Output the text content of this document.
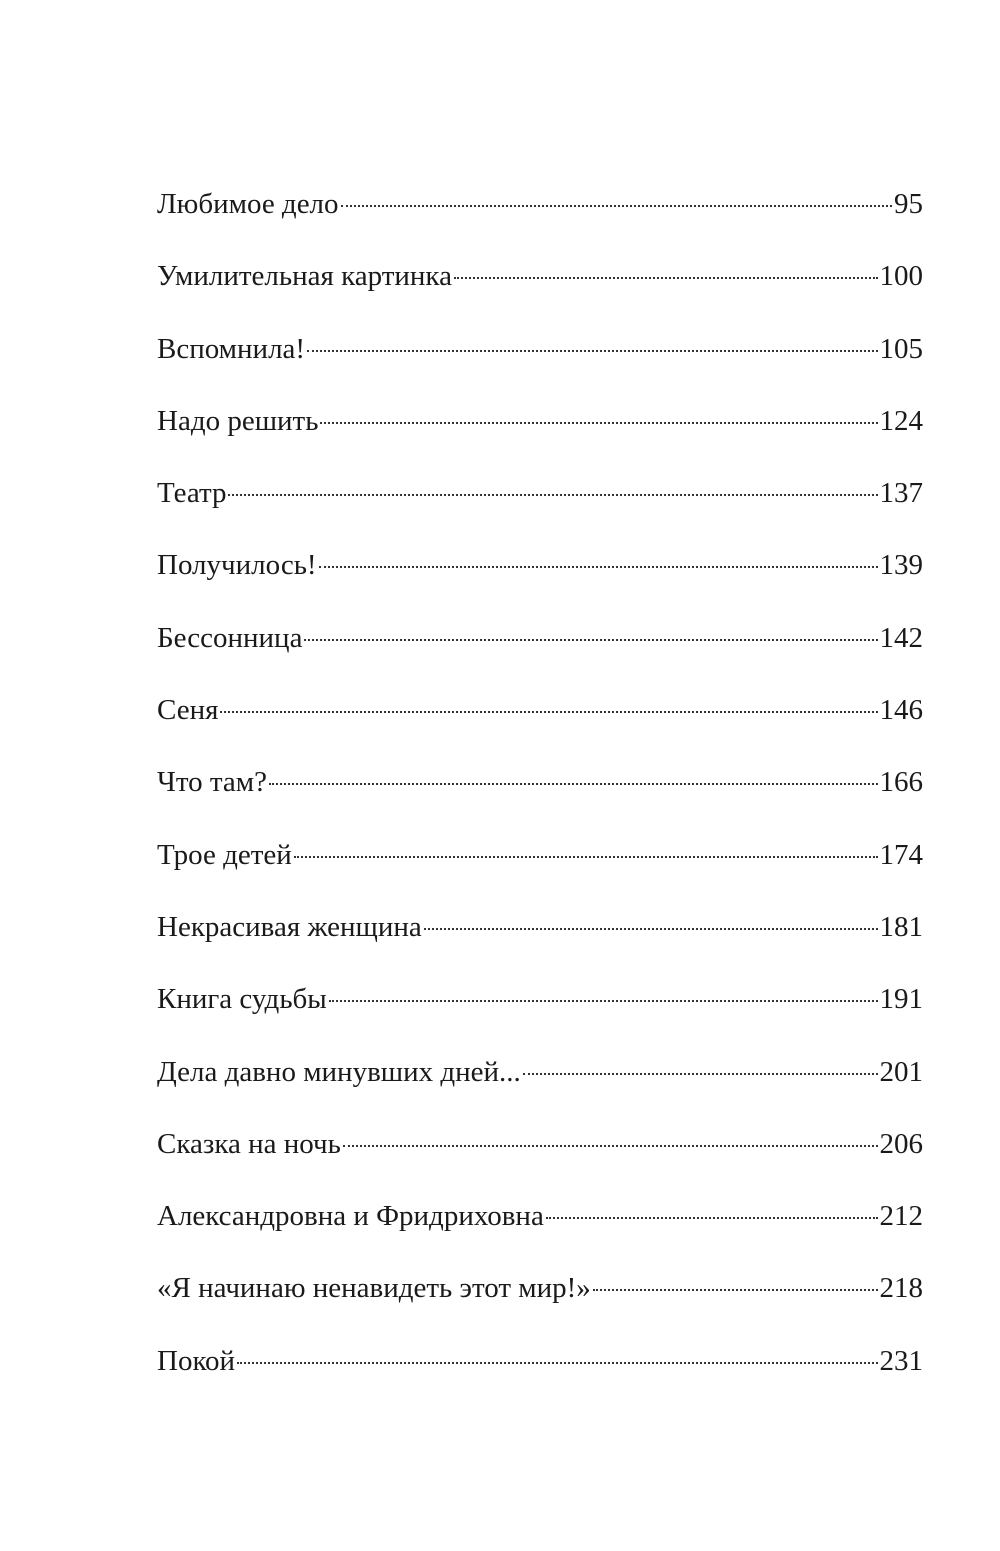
Любимое дело	95
Умилительная картинка	100
Вспомнила!	105
Надо решить	124
Театр	137
Получилось!	139
Бессонница	142
Сеня	146
Что там?	166
Трое детей	174
Некрасивая женщина	181
Книга судьбы	191
Дела давно минувших дней...	201
Сказка на ночь	206
Александровна и Фридриховна	212
«Я начинаю ненавидеть этот мир!»	218
Покой	231
